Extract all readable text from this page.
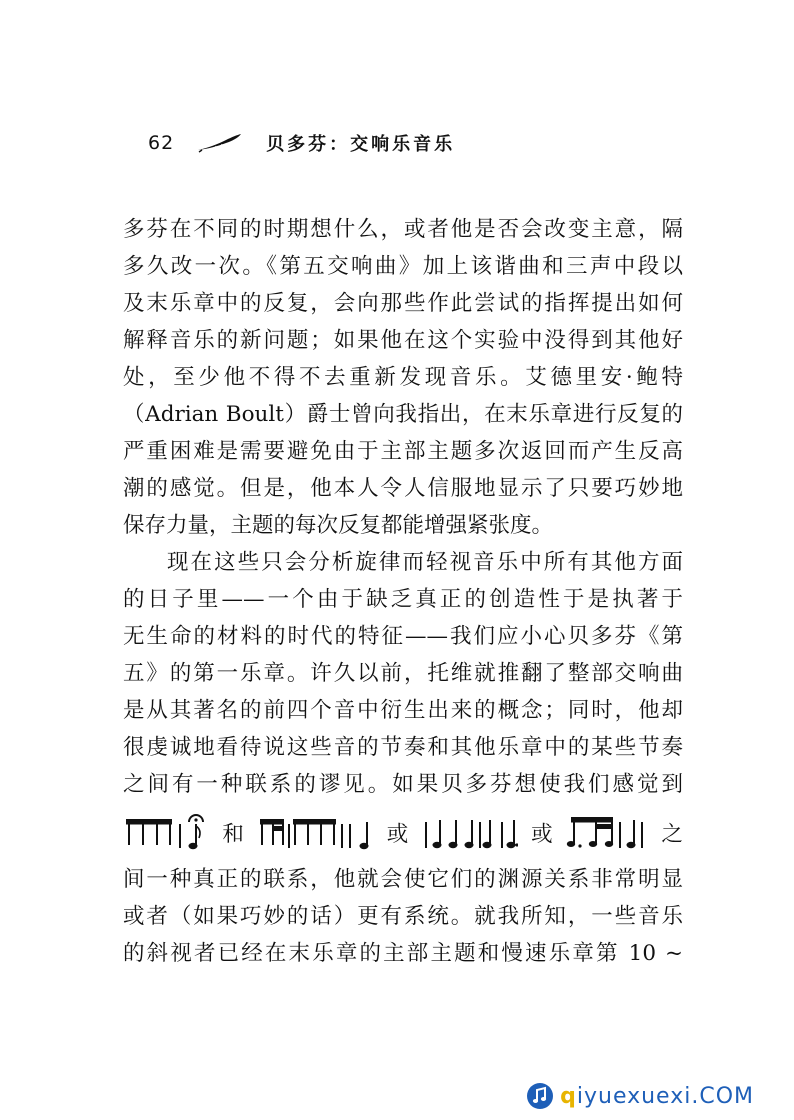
62	贝多芬：交响乐音乐
多芬在不同的时期想什么，或者他是否会改变主意，隔
多久改一次。《第五交响曲》加上该谐曲和三声中段以
及末乐章中的反复，会向那些作此尝试的指挥提出如何
解释音乐的新问题；如果他在这个实验中没得到其他好
处，至少他不得不去重新发现音乐。艾德里安·鲍特
（Adrian Boult）爵士曾向我指出，在末乐章进行反复的
严重困难是需要避免由于主部主题多次返回而产生反高
潮的感觉。但是，他本人令人信服地显示了只要巧妙地
保存力量，主题的每次反复都能增强紧张度。
现在这些只会分析旋律而轻视音乐中所有其他方面
的日子里——一个由于缺乏真正的创造性于是执著于
无生命的材料的时代的特征——我们应小心贝多芬《第
五》的第一乐章。许久以前，托维就推翻了整部交响曲
是从其著名的前四个音中衍生出来的概念；同时，他却
很虔诚地看待说这些音的节奏和其他乐章中的某些节奏
之间有一种联系的谬见。如果贝多芬想使我们感觉到
和	或	或	之
间一种真正的联系，他就会使它们的渊源关系非常明显
或者（如果巧妙的话）更有系统。就我所知，一些音乐
的斜视者已经在末乐章的主部主题和慢速乐章第 10 ~
q iyuexuexi.COM
